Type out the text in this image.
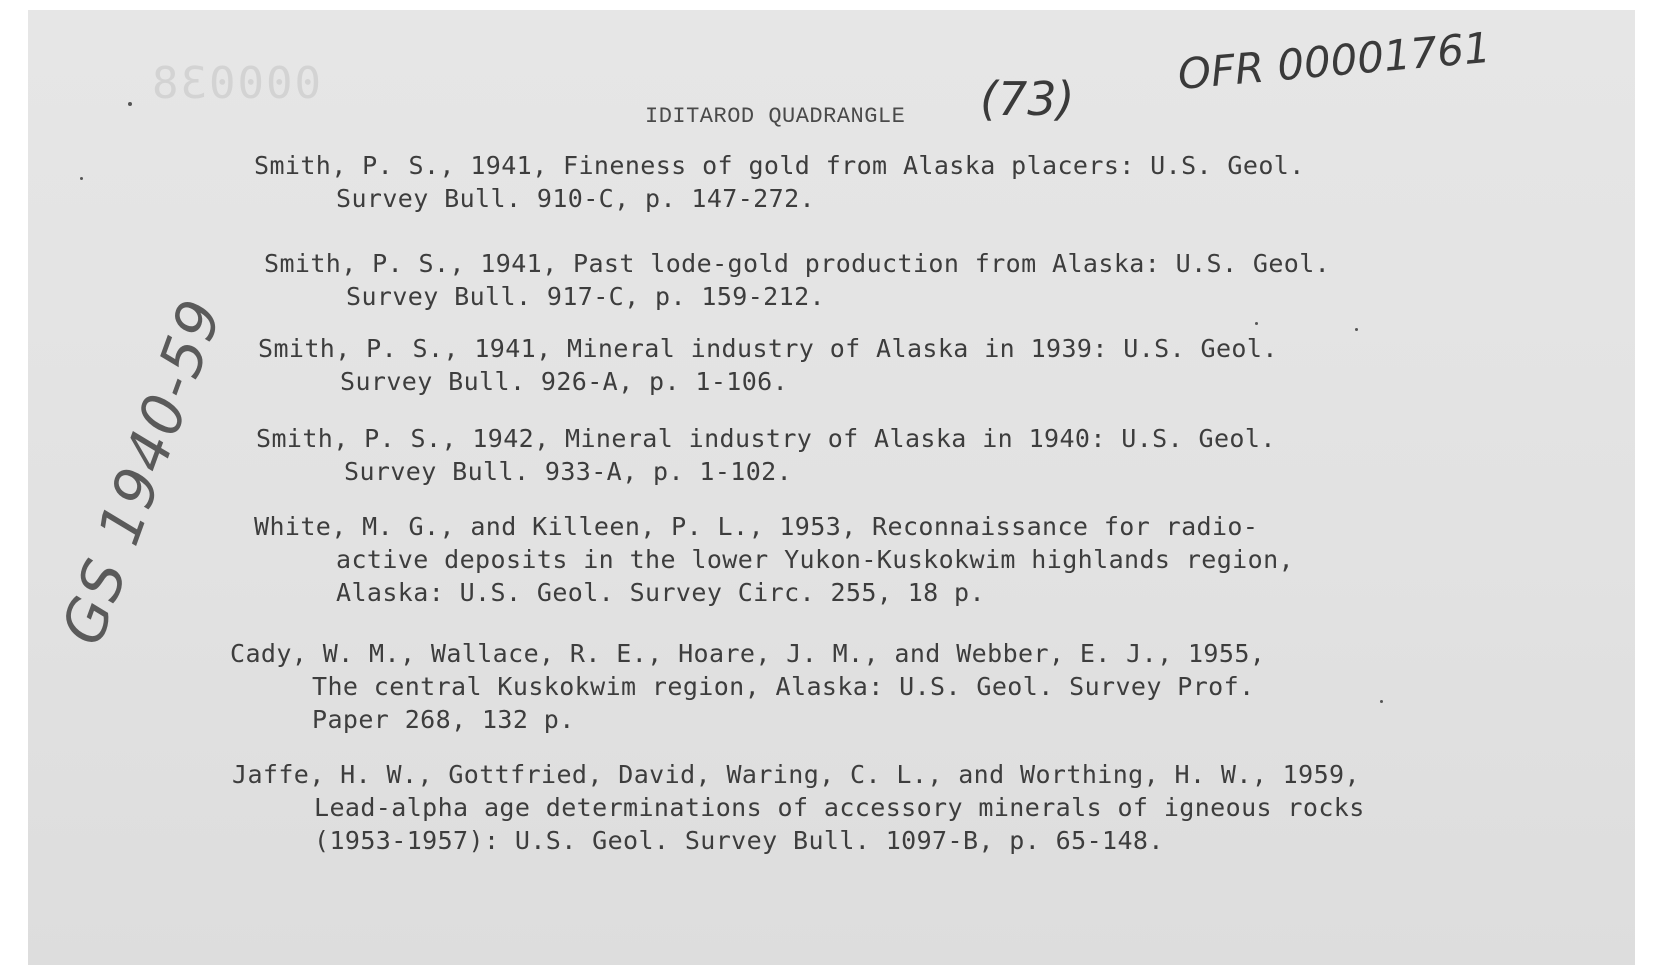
000038
IDITAROD QUADRANGLE (73)
OFR 00001761
GS 1940-59
Smith, P. S., 1941, Fineness of gold from Alaska placers: U.S. Geol.
Survey Bull. 910-C, p. 147-272.
Smith, P. S., 1941, Past lode-gold production from Alaska: U.S. Geol.
Survey Bull. 917-C, p. 159-212.
Smith, P. S., 1941, Mineral industry of Alaska in 1939: U.S. Geol.
Survey Bull. 926-A, p. 1-106.
Smith, P. S., 1942, Mineral industry of Alaska in 1940: U.S. Geol.
Survey Bull. 933-A, p. 1-102.
White, M. G., and Killeen, P. L., 1953, Reconnaissance for radio-
active deposits in the lower Yukon-Kuskokwim highlands region,
Alaska: U.S. Geol. Survey Circ. 255, 18 p.
Cady, W. M., Wallace, R. E., Hoare, J. M., and Webber, E. J., 1955,
The central Kuskokwim region, Alaska: U.S. Geol. Survey Prof.
Paper 268, 132 p.
Jaffe, H. W., Gottfried, David, Waring, C. L., and Worthing, H. W., 1959,
Lead-alpha age determinations of accessory minerals of igneous rocks
(1953-1957): U.S. Geol. Survey Bull. 1097-B, p. 65-148.
